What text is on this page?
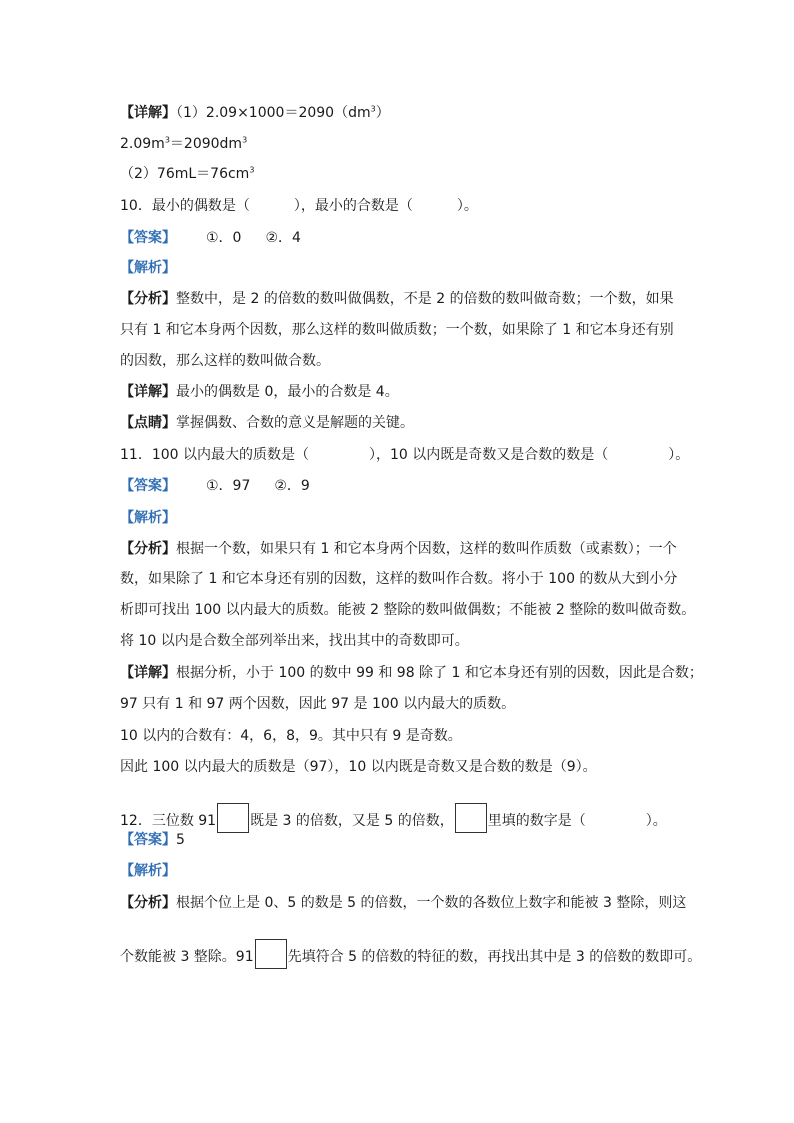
【详解】$(1)2.09\times 1000=2090(dm^3)$
$2.09m^3=2090dm^3$
$(2)76mL=76cm^3$
10．最小的偶数是（	），最小的合数是（	）。
【答案】 ①．0 ②．4
【解析】
【分析】整数中，是 2 的倍数的数叫做偶数，不是 2 的倍数的数叫做奇数；一个数，如果
只有 1 和它本身两个因数，那么这样的数叫做质数；一个数，如果除了 1 和它本身还有别
的因数，那么这样的数叫做合数。
【详解】最小的偶数是 0，最小的合数是 4。
【点睛】掌握偶数、合数的意义是解题的关键。
11．100 以内最大的质数是（	），10 以内既是奇数又是合数的数是（	）。
【答案】 ①．97 ②．9
【解析】
【分析】根据一个数，如果只有 1 和它本身两个因数，这样的数叫作质数（或素数）；一个
数，如果除了 1 和它本身还有别的因数，这样的数叫作合数。将小于 100 的数从大到小分
析即可找出 100 以内最大的质数。能被 2 整除的数叫做偶数；不能被 2 整除的数叫做奇数。
将 10 以内是合数全部列举出来，找出其中的奇数即可。
【详解】根据分析，小于 100 的数中 99 和 98 除了 1 和它本身还有别的因数，因此是合数；
97 只有 1 和 97 两个因数，因此 97 是 100 以内最大的质数。
10 以内的合数有：4，6，8，9。其中只有 9 是奇数。
因此 100 以内最大的质数是（97），10 以内既是奇数又是合数的数是（9）。
12．三位数 91 既是 3 的倍数，又是 5 的倍数， 里填的数字是（	）。
【答案】5
【解析】
【分析】根据个位上是 0、5 的数是 5 的倍数，一个数的各数位上数字和能被 3 整除，则这
个数能被 3 整除。91 先填符合 5 的倍数的特征的数，再找出其中是 3 的倍数的数即可。
